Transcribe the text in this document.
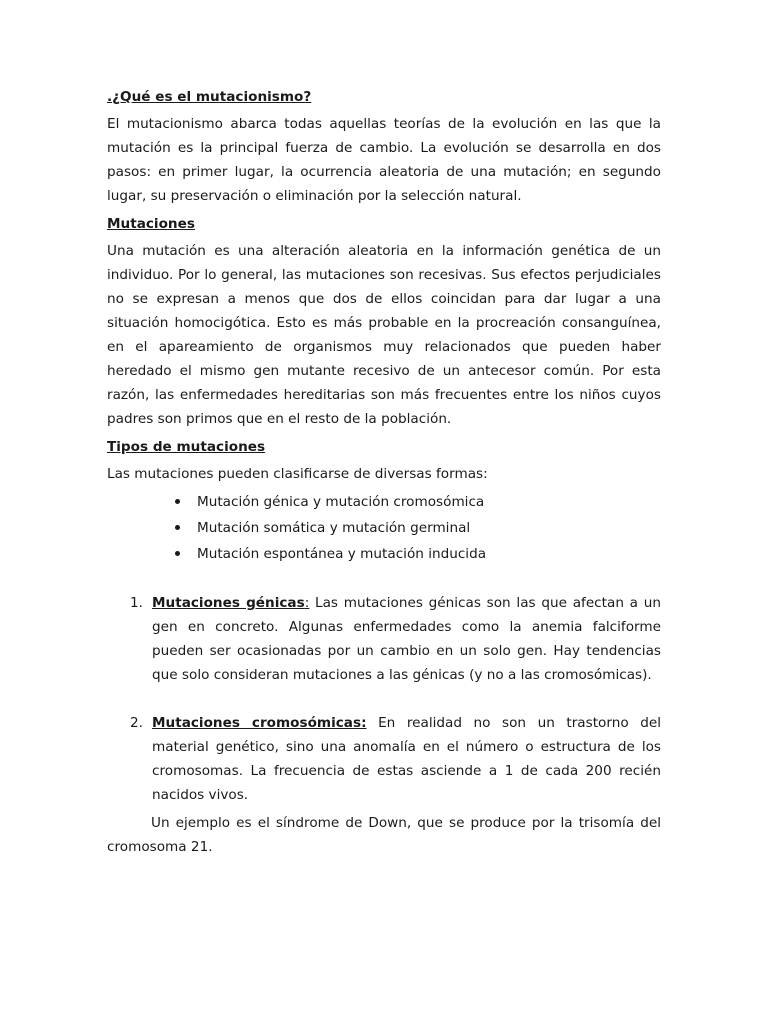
.¿Qué es el mutacionismo?

El mutacionismo abarca todas aquellas teorías de la evolución en las que la mutación es la principal fuerza de cambio. La evolución se desarrolla en dos pasos: en primer lugar, la ocurrencia aleatoria de una mutación; en segundo lugar, su preservación o eliminación por la selección natural.

Mutaciones

Una mutación es una alteración aleatoria en la información genética de un individuo. Por lo general, las mutaciones son recesivas. Sus efectos perjudiciales no se expresan a menos que dos de ellos coincidan para dar lugar a una situación homocigótica. Esto es más probable en la procreación consanguínea, en el apareamiento de organismos muy relacionados que pueden haber heredado el mismo gen mutante recesivo de un antecesor común. Por esta razón, las enfermedades hereditarias son más frecuentes entre los niños cuyos padres son primos que en el resto de la población.

Tipos de mutaciones

Las mutaciones pueden clasificarse de diversas formas:

Mutación génica y mutación cromosómica
Mutación somática y mutación germinal
Mutación espontánea y mutación inducida
1. Mutaciones génicas: Las mutaciones génicas son las que afectan a un gen en concreto. Algunas enfermedades como la anemia falciforme pueden ser ocasionadas por un cambio en un solo gen. Hay tendencias que solo consideran mutaciones a las génicas (y no a las cromosómicas).

2. Mutaciones cromosómicas: En realidad no son un trastorno del material genético, sino una anomalía en el número o estructura de los cromosomas. La frecuencia de estas asciende a 1 de cada 200 recién nacidos vivos.

Un ejemplo es el síndrome de Down, que se produce por la trisomía del cromosoma 21.
